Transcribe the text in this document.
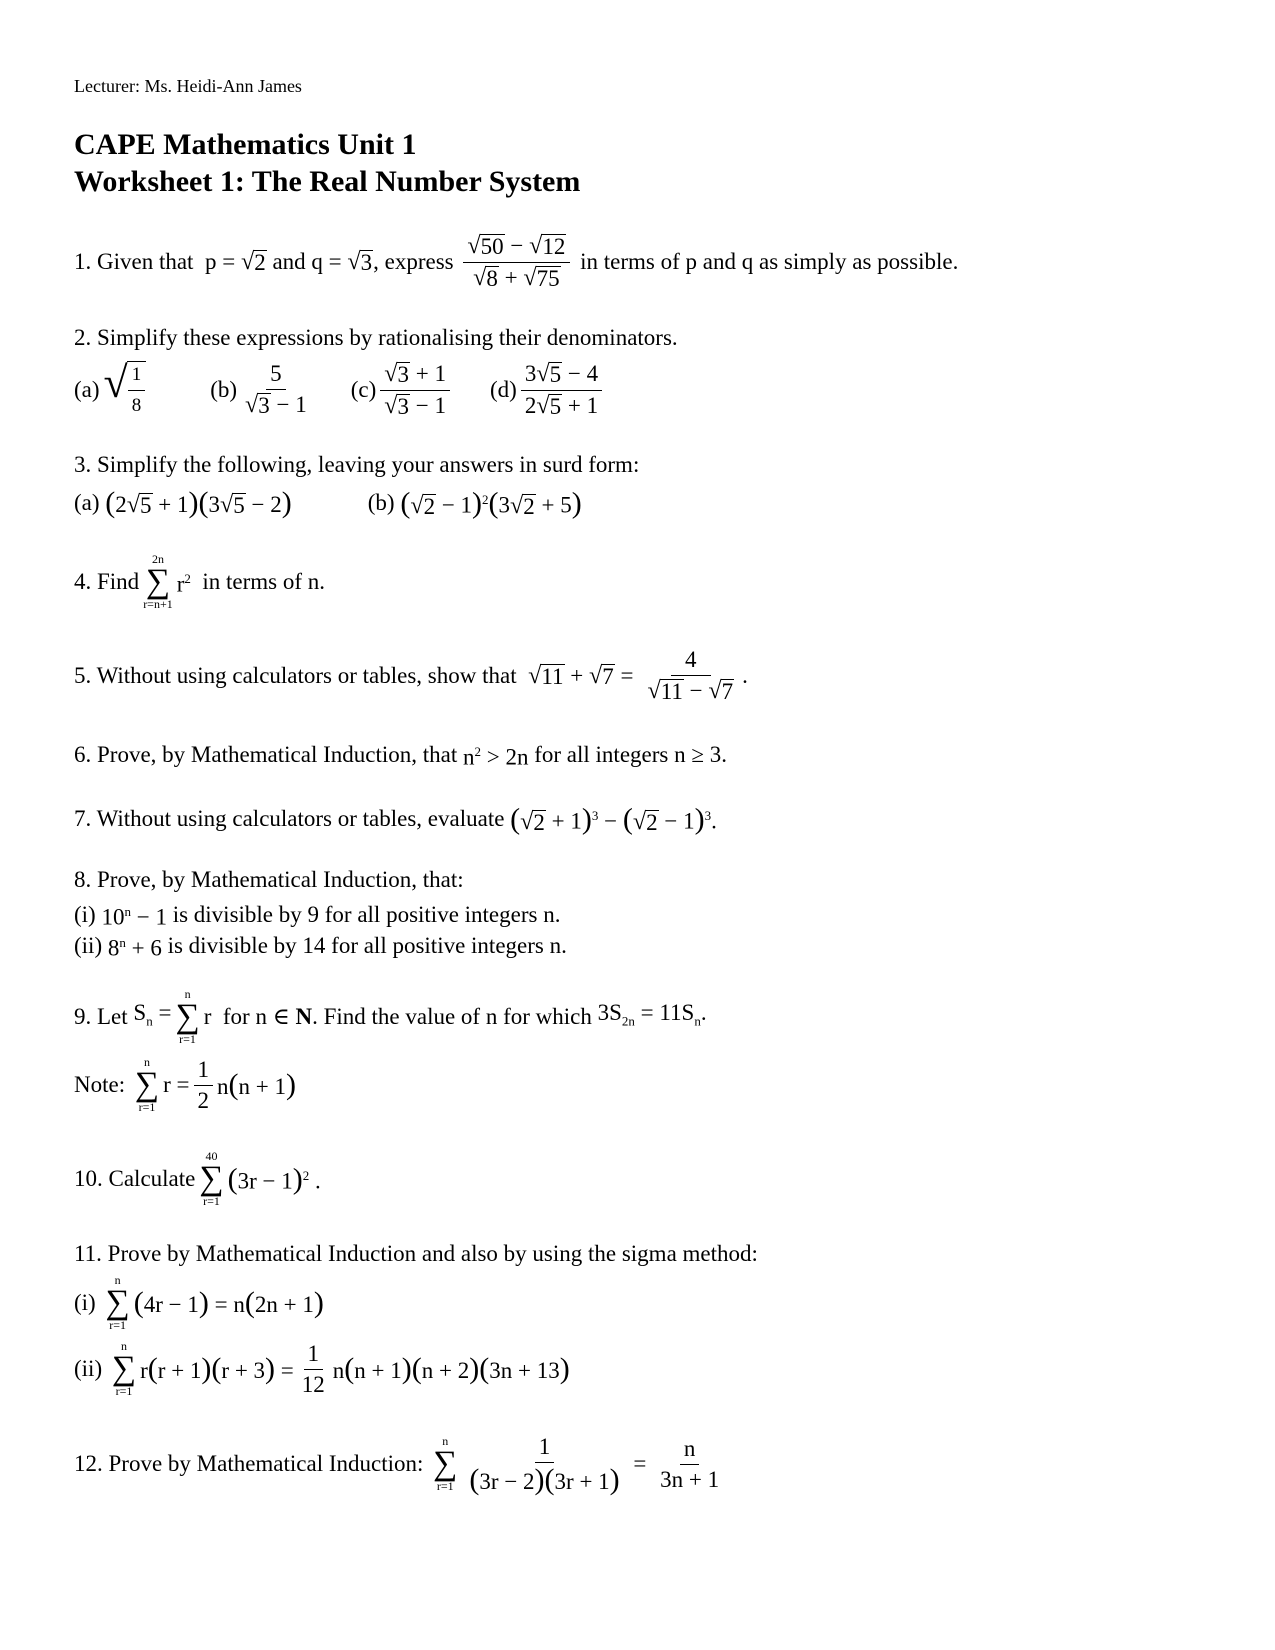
Lecturer: Ms. Heidi-Ann James
CAPE Mathematics Unit 1
Worksheet 1: The Real Number System
1. Given that
p = √ 2
and
q = √ 3 , express
$\frac{√ 50 - √ 12}{√ 8 + √ 75}$
in terms of
p
and
q
as simply as possible.
2. Simplify these expressions by rationalising their denominators.
(a) √ $\frac{1}{8}$	$(b) \frac{5}{√ 3 - 1} (c) \frac{√ 3 + 1}{√ 3 - 1} (d) \frac{3 √ 5 - 4}{2 √ 5 + 1}$
3. Simplify the following, leaving your answers in surd form:
(a)
(2 √ 5 + 1)(3 √ 5 − 2)	(b)
( √ 2 − 1)$^2$(3 √ 2 + 5)
4. Find
2n
∑
r=n+1
$r^2$
in terms of n.
5. Without using calculators or tables, show that
√ 11 + √ $7 = \frac{4}{√ 11 - √ 7}$ .
6. Prove, by Mathematical Induction, that
$n^2 > 2n$
for all integers
n ≥ 3.
7. Without using calculators or tables, evaluate
( √ 2 + 1)$^3$ − ( √ 2 − 1)$^3$.
8. Prove, by Mathematical Induction, that:
(i)
$10^n - 1$
is divisible by 9 for all positive integers n.
(ii)
$8^n + 6$
is divisible by 14 for all positive integers n.
9. Let
$S_n$ =
n
∑
r=1
r
for
n ∈ N . Find the value of n for which
$3S_{2n} = 11S_n$.
Note:

n
∑
r=1
$r = \frac{1}{2} n(n + 1)$
10. Calculate
40
∑
r=1
$(3r - 1)^2$ .
11. Prove by Mathematical Induction and also by using the sigma method:
(i)

n
∑
r=1
(4r − 1) = n(2n + 1)
(ii)

n
∑
r=1
$r(r + 1)(r + 3) = \frac{1}{12} n(n + 1)(n + 2)(3n + 13)$
12. Prove by Mathematical Induction:

n
∑
$r=1 \frac{1}{(3r - 2)(3r + 1)} = \frac{n}{3n + 1}$
